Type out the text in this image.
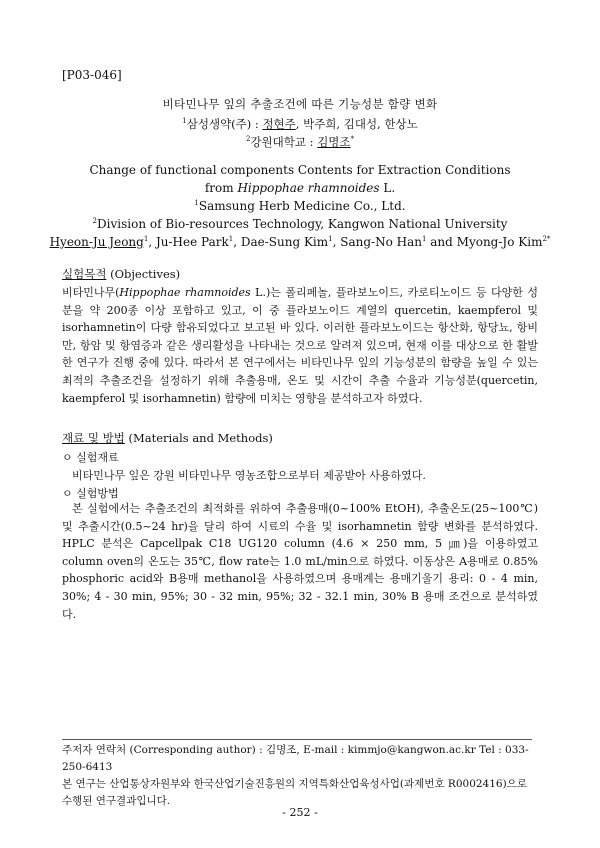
[P03-046]
비타민나무 잎의 추출조건에 따른 기능성분 함량 변화
$^1$삼성생약(주) : 정현주, 박주희, 김대성, 한상노
$^2$강원대학교 : 김명조*
Change of functional components Contents for Extraction Conditions
from Hippophae rhamnoides L.
$^1$Samsung Herb Medicine Co., Ltd.
$^2$Division of Bio-resources Technology, Kangwon National University
Hyeon-Ju Jeong$^1$, Ju-Hee Park$^1$, Dae-Sung Kim$^1$, Sang-No Han$^1$ and Myong-Jo Kim$^{2*}$
실험목적 (Objectives)
비타민나무(Hippophae rhamnoides L.)는 폴리페놀, 플라보노이드, 카로티노이드 등 다양한 성분을 약 200종 이상 포함하고 있고, 이 중 플라보노이드 계열의 quercetin, kaempferol 및 isorhamnetin이 다량 함유되었다고 보고된 바 있다. 이러한 플라보노이드는 항산화, 항당뇨, 항비만, 항암 및 항염증과 같은 생리활성을 나타내는 것으로 알려져 있으며, 현재 이를 대상으로 한 활발한 연구가 진행 중에 있다. 따라서 본 연구에서는 비타민나무 잎의 기능성분의 함량을 높일 수 있는 최적의 추출조건을 설정하기 위해 추출용매, 온도 및 시간이 추출 수율과 기능성분(quercetin, kaempferol 및 isorhamnetin) 함량에 미치는 영향을 분석하고자 하였다.
재료 및 방법 (Materials and Methods)
ㅇ 실험재료
비타민나무 잎은 강원 비타민나무 영농조합으로부터 제공받아 사용하였다.
ㅇ 실험방법
본 실험에서는 추출조건의 최적화를 위하여 추출용매(0~100% EtOH), 추출온도(25~100℃) 및 추출시간(0.5~24 hr)을 달리 하여 시료의 수율 및 isorhamnetin 함량 변화를 분석하였다. HPLC 분석은 Capcellpak C18 UG120 column (4.6 × 250 mm, 5 ㎛)을 이용하였고 column oven의 온도는 35℃, flow rate는 1.0 mL/min으로 하였다. 이동상은 A용매로 0.85% phosphoric acid와 B용매 methanol을 사용하였으며 용매계는 용매기울기 용리: 0 - 4 min, 30%; 4 - 30 min, 95%; 30 - 32 min, 95%; 32 - 32.1 min, 30% B 용매 조건으로 분석하였다.
주저자 연락처 (Corresponding author) : 김명조, E-mail : kimmjo@kangwon.ac.kr Tel : 033-250-6413
본 연구는 산업통상자원부와 한국산업기술진흥원의 지역특화산업육성사업(과제번호 R0002416)으로 수행된 연구결과입니다.
- 252 -
